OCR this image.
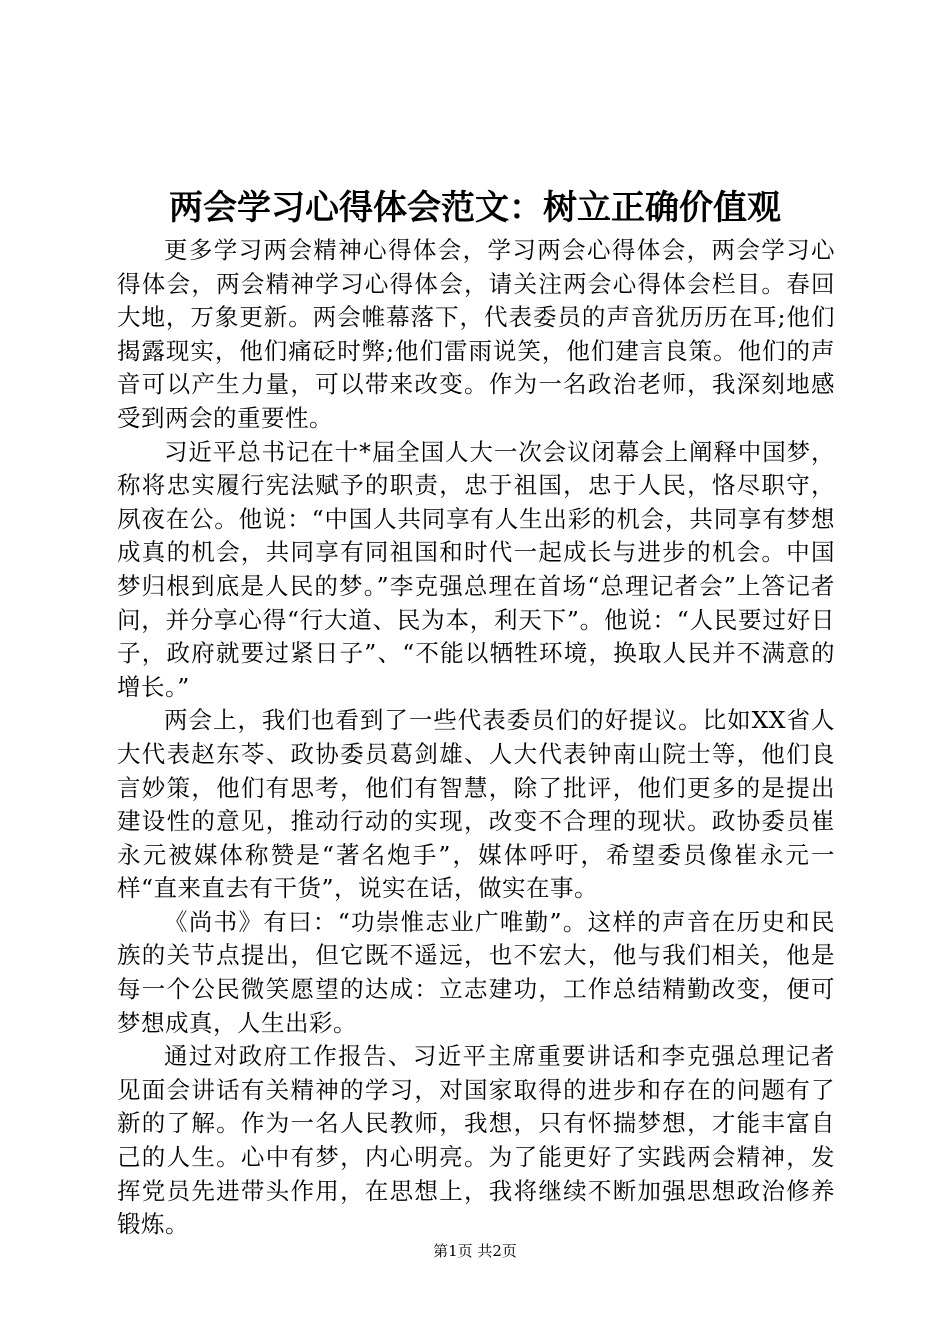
两会学习心得体会范文：树立正确价值观

更多学习两会精神心得体会，学习两会心得体会，两会学习心得体会，两会精神学习心得体会，请关注两会心得体会栏目。春回大地，万象更新。两会帷幕落下，代表委员的声音犹历历在耳;他们揭露现实，他们痛砭时弊;他们雷雨说笑，他们建言良策。他们的声音可以产生力量，可以带来改变。作为一名政治老师，我深刻地感受到两会的重要性。

习近平总书记在十*届全国人大一次会议闭幕会上阐释中国梦，称将忠实履行宪法赋予的职责，忠于祖国，忠于人民，恪尽职守，夙夜在公。他说：“中国人共同享有人生出彩的机会，共同享有梦想成真的机会，共同享有同祖国和时代一起成长与进步的机会。中国梦归根到底是人民的梦。”李克强总理在首场“总理记者会”上答记者问，并分享心得“行大道、民为本，利天下”。他说：“人民要过好日子，政府就要过紧日子”、“不能以牺牲环境，换取人民并不满意的增长。”

两会上，我们也看到了一些代表委员们的好提议。比如XX省人大代表赵东苓、政协委员葛剑雄、人大代表钟南山院士等，他们良言妙策，他们有思考，他们有智慧，除了批评，他们更多的是提出建设性的意见，推动行动的实现，改变不合理的现状。政协委员崔永元被媒体称赞是“著名炮手”，媒体呼吁，希望委员像崔永元一样“直来直去有干货”，说实在话，做实在事。

《尚书》有曰：“功崇惟志业广唯勤”。这样的声音在历史和民族的关节点提出，但它既不遥远，也不宏大，他与我们相关，他是每一个公民微笑愿望的达成：立志建功，工作总结精勤改变，便可梦想成真，人生出彩。

通过对政府工作报告、习近平主席重要讲话和李克强总理记者见面会讲话有关精神的学习，对国家取得的进步和存在的问题有了新的了解。作为一名人民教师，我想，只有怀揣梦想，才能丰富自己的人生。心中有梦，内心明亮。为了能更好了实践两会精神，发挥党员先进带头作用，在思想上，我将继续不断加强思想政治修养锻炼。

第1页 共2页
